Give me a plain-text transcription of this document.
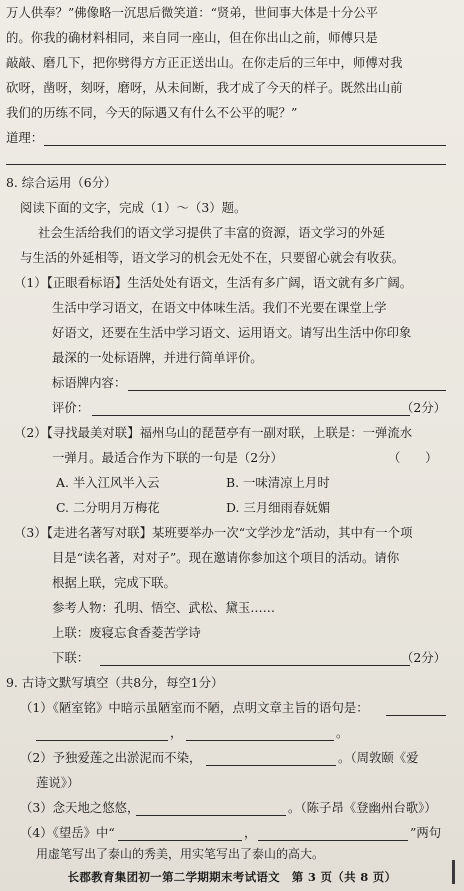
万人供奉？”佛像略一沉思后微笑道：“贤弟，世间事大体是十分公平
的。你我的确材料相同，来自同一座山，但在你出山之前，师傅只是
敲敲、磨几下，把你劈得方方正正送出山。在你走后的三年中，师傅对我
砍呀，凿呀，刻呀，磨呀，从未间断，我才成了今天的样子。既然出山前
我们的历练不同，今天的际遇又有什么不公平的呢？”
道理：
8. 综合运用（6分）
阅读下面的文字，完成（1）～（3）题。
社会生活给我们的语文学习提供了丰富的资源，语文学习的外延
与生活的外延相等，语文学习的机会无处不在，只要留心就会有收获。
（1）【正眼看标语】生活处处有语文，生活有多广阔，语文就有多广阔。
生活中学习语文，在语文中体味生活。我们不光要在课堂上学
好语文，还要在生活中学习语文、运用语文。请写出生活中你印象
最深的一处标语牌，并进行简单评价。
标语牌内容：
评价：	（2分）
（2）【寻找最美对联】福州乌山的琵琶亭有一副对联，上联是：一弹流水
一弹月。最适合作为下联的一句是（2分）	（　　）
A. 半入江风半入云	B. 一味清凉上月时
C. 二分明月万梅花	D. 三月细雨春妩媚
（3）【走进名著写对联】某班要举办一次“文学沙龙”活动，其中有一个项
目是“读名著，对对子”。现在邀请你参加这个项目的活动。请你
根据上联，完成下联。
参考人物：孔明、悟空、武松、黛玉……
上联：废寝忘食香菱苦学诗
下联：	（2分）
9. 古诗文默写填空（共8分，每空1分）
（1）《陋室铭》中暗示虽陋室而不陋，点明文章主旨的语句是：
，	。
（2）予独爱莲之出淤泥而不染，	。（周敦颐《爱
莲说》）
（3）念天地之悠悠，	。（陈子昂《登幽州台歌》）
（4）《望岳》中“	，	”两句
用虚笔写出了泰山的秀美，用实笔写出了泰山的高大。
长郡教育集团初一第二学期期末考试语文　第 3 页（共 8 页）
